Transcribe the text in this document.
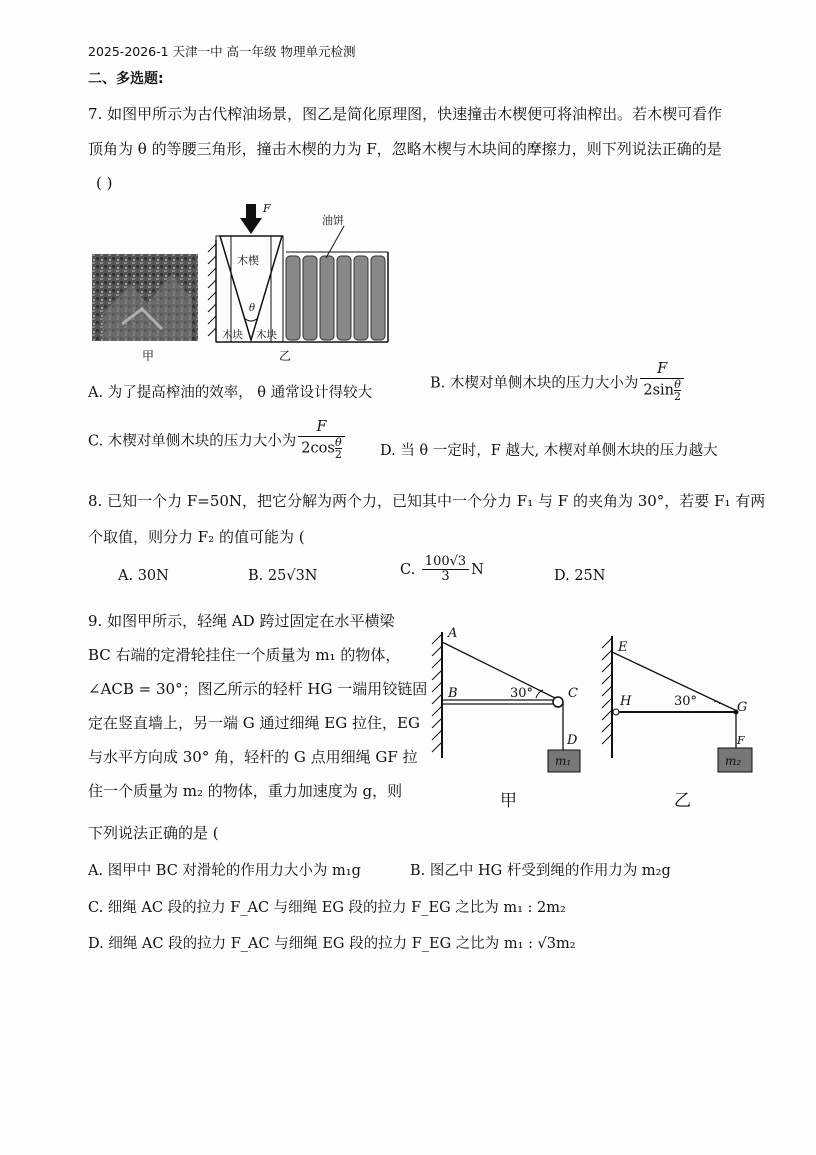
2025-2026-1 天津一中 高一年级 物理单元检测
二、多选题:
7. 如图甲所示为古代榨油场景，图乙是简化原理图，快速撞击木楔便可将油榨出。若木楔可看作
顶角为 θ 的等腰三角形，撞击木楔的力为 F，忽略木楔与木块间的摩擦力，则下列说法正确的是
( )
甲
F
油饼
木楔
θ
木块 木块
乙
A. 为了提高榨油的效率， θ 通常设计得较大
B. 木楔对单侧木块的压力大小为 $\frac{F}{2\sin \frac{\theta}{2}}$
C. 木楔对单侧木块的压力大小为 $\frac{F}{2\cos \frac{\theta}{2}} D$. 当 θ 一定时，F 越大, 木楔对单侧木块的压力越大
8. 已知一个力 F=50N，把它分解为两个力，已知其中一个分力 F₁ 与 F 的夹角为 30°，若要 F₁ 有两
个取值，则分力 F₂ 的值可能为 (
A. 30N	B. 25√3N	C. $\frac{100√3}{3}$ N	D. 25N
9. 如图甲所示，轻绳 AD 跨过固定在水平横梁
BC 右端的定滑轮挂住一个质量为 m₁ 的物体，
∠ACB = 30°；图乙所示的轻杆 HG 一端用铰链固
定在竖直墙上，另一端 G 通过细绳 EG 拉住，EG
与水平方向成 30° 角，轻杆的 G 点用细绳 GF 拉
住一个质量为 m₂ 的物体，重力加速度为 g，则
下列说法正确的是 (
A
B	C
D
30°
m₁
甲
E
H	G
F
30°
m₂
乙
A. 图甲中 BC 对滑轮的作用力大小为 m₁g	B. 图乙中 HG 杆受到绳的作用力为 m₂g
C. 细绳 AC 段的拉力 F_AC 与细绳 EG 段的拉力 F_EG 之比为 m₁ : 2m₂
D. 细绳 AC 段的拉力 F_AC 与细绳 EG 段的拉力 F_EG 之比为 m₁ : √3m₂
